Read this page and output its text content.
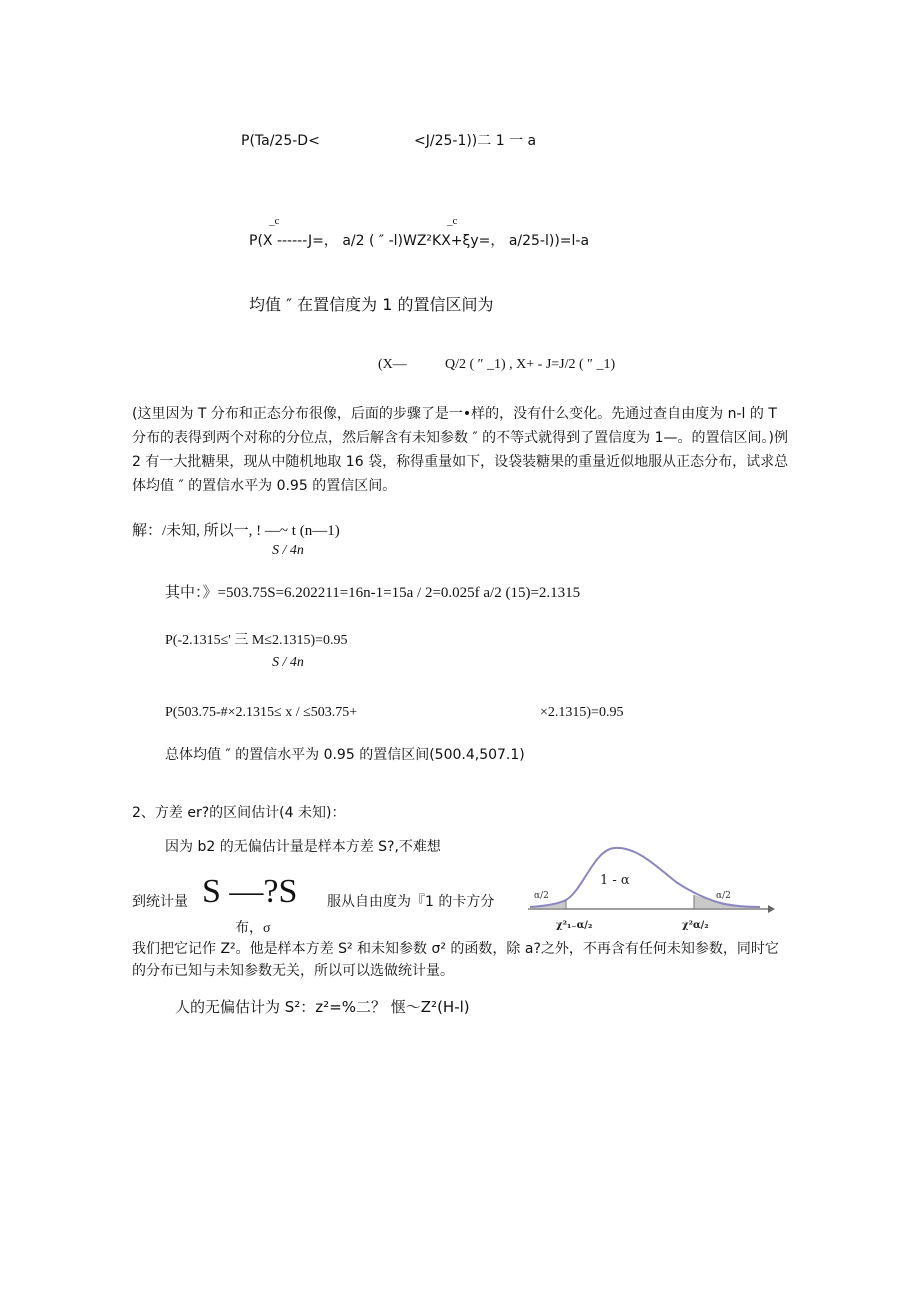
P(Ta/25-D<	<J/25-1))二 1 一 a
_c	_c
P(X ------J=， a/2 ( ″ -l)WZ²KX+ξy=， a/25-l))=l-a
均值 ″ 在置信度为 1 的置信区间为
(X—	Q/2 ( ″ _1) , X+ - J=J/2 ( ″ _1)
(这里因为 T 分布和正态分布很像，后面的步骤了是一•样的，没有什么变化。先通过查自由度为 n-l 的 T 分布的表得到两个对称的分位点，然后解含有未知参数 ″ 的不等式就得到了置信度为 1—。的置信区间。)例 2 有一大批糖果，现从中随机地取 16 袋，称得重量如下，设袋装糖果的重量近似地服从正态分布，试求总体均值 ″ 的置信水平为 0.95 的置信区间。
解：/未知, 所以一, ! —~ t (n—1)
S / 4n
其中：》=503.75S=6.202211=16n-1=15a / 2=0.025f a/2 (15)=2.1315
P(-2.1315≤' 三 M≤2.1315)=0.95
S / 4n
P(503.75-#×2.1315≤ x / ≤503.75+	×2.1315)=0.95
总体均值 ″ 的置信水平为 0.95 的置信区间(500.4,507.1)
2、方差 er?的区间估计(4 未知)：
因为 b2 的无偏估计量是样本方差 S?,不难想
到统计量 S —?S 服从自由度为『1 的卡方分
布，σ
α/2
1 - α
α/2
χ²₁₋α/₂	χ²α/₂
我们把它记作 Z²。他是样本方差 S² 和未知参数 σ² 的函数，除 a?之外，不再含有任何未知参数，同时它的分布已知与未知参数无关，所以可以选做统计量。
人的无偏估计为 S²：z²=%二？ 惬～Z²(H-l)
